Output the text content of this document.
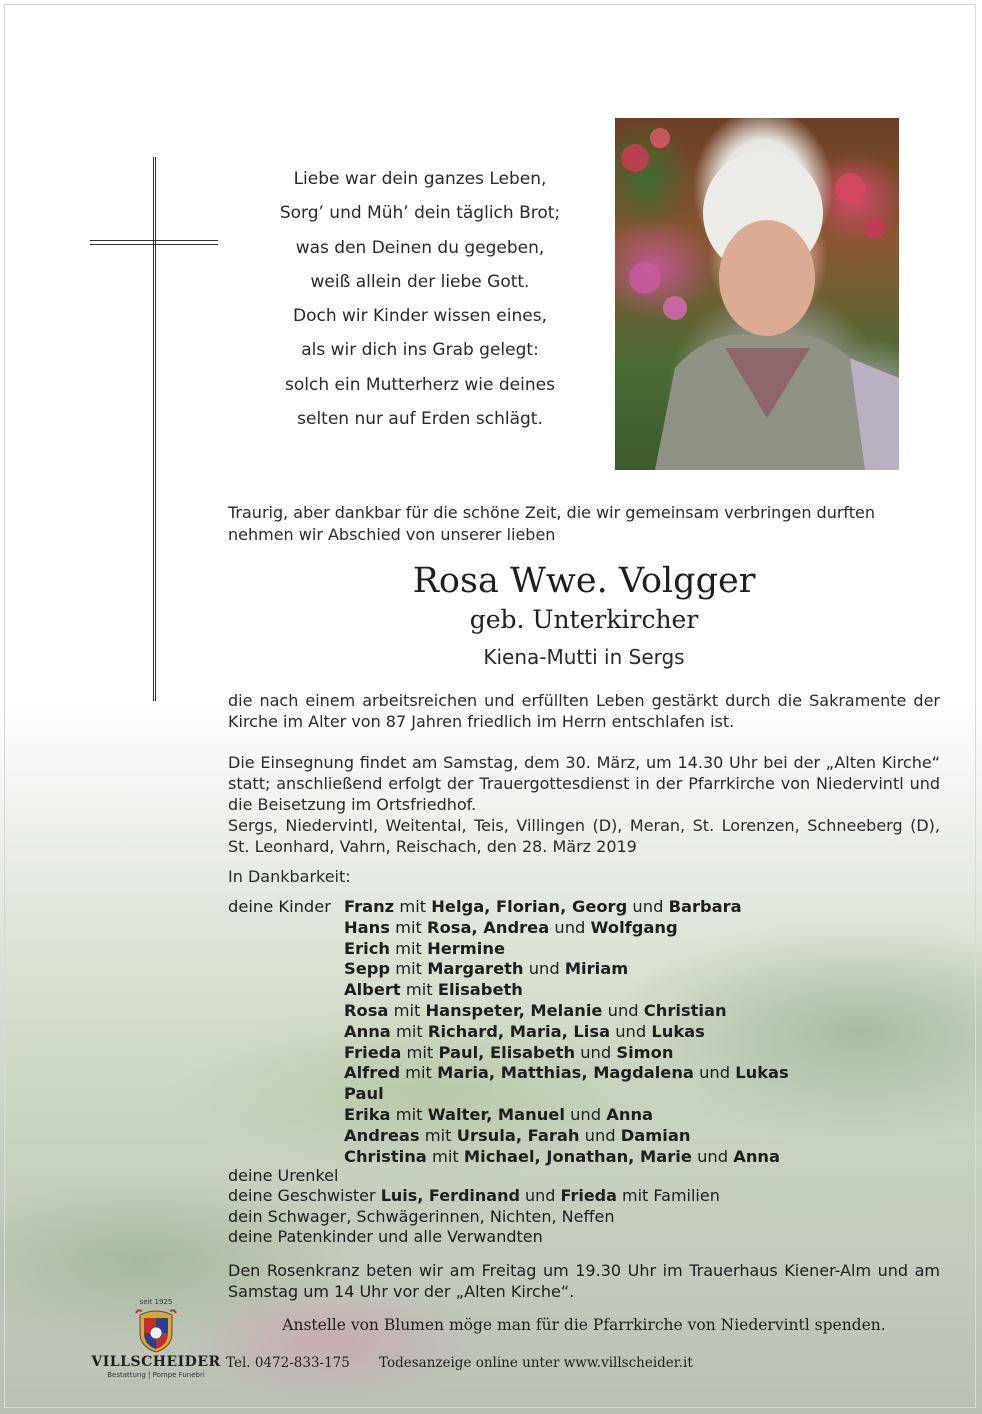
Liebe war dein ganzes Leben,
Sorg’ und Müh’ dein täglich Brot;
was den Deinen du gegeben,
weiß allein der liebe Gott.
Doch wir Kinder wissen eines,
als wir dich ins Grab gelegt:
solch ein Mutterherz wie deines
selten nur auf Erden schlägt.
Traurig, aber dankbar für die schöne Zeit, die wir gemeinsam verbringen durften nehmen wir Abschied von unserer lieben
Rosa Wwe. Volgger
geb. Unterkircher
Kiena-Mutti in Sergs
die nach einem arbeitsreichen und erfüllten Leben gestärkt durch die Sakramente der Kirche im Alter von 87 Jahren friedlich im Herrn entschlafen ist.
Die Einsegnung findet am Samstag, dem 30. März, um 14.30 Uhr bei der „Alten Kirche“ statt; anschließend erfolgt der Trauergottesdienst in der Pfarrkirche von Niedervintl und die Beisetzung im Ortsfriedhof.
Sergs, Niedervintl, Weitental, Teis, Villingen (D), Meran, St. Lorenzen, Schneeberg (D), St. Leonhard, Vahrn, Reischach, den 28. März 2019
In Dankbarkeit:
deine Kinder Franz mit Helga, Florian, Georg und Barbara
Hans mit Rosa, Andrea und Wolfgang
Erich mit Hermine
Sepp mit Margareth und Miriam
Albert mit Elisabeth
Rosa mit Hanspeter, Melanie und Christian
Anna mit Richard, Maria, Lisa und Lukas
Frieda mit Paul, Elisabeth und Simon
Alfred mit Maria, Matthias, Magdalena und Lukas
Paul
Erika mit Walter, Manuel und Anna
Andreas mit Ursula, Farah und Damian
Christina mit Michael, Jonathan, Marie und Anna
deine Urenkel
deine Geschwister Luis, Ferdinand und Frieda mit Familien
dein Schwager, Schwägerinnen, Nichten, Neffen
deine Patenkinder und alle Verwandten
Den Rosenkranz beten wir am Freitag um 19.30 Uhr im Trauerhaus Kiener-Alm und am Samstag um 14 Uhr vor der „Alten Kirche“.
Anstelle von Blumen möge man für die Pfarrkirche von Niedervintl spenden.
seit 1925
VILLSCHEIDER
Bestattung | Pompe Funebri
Tel. 0472-833-175 Todesanzeige online unter www.villscheider.it
